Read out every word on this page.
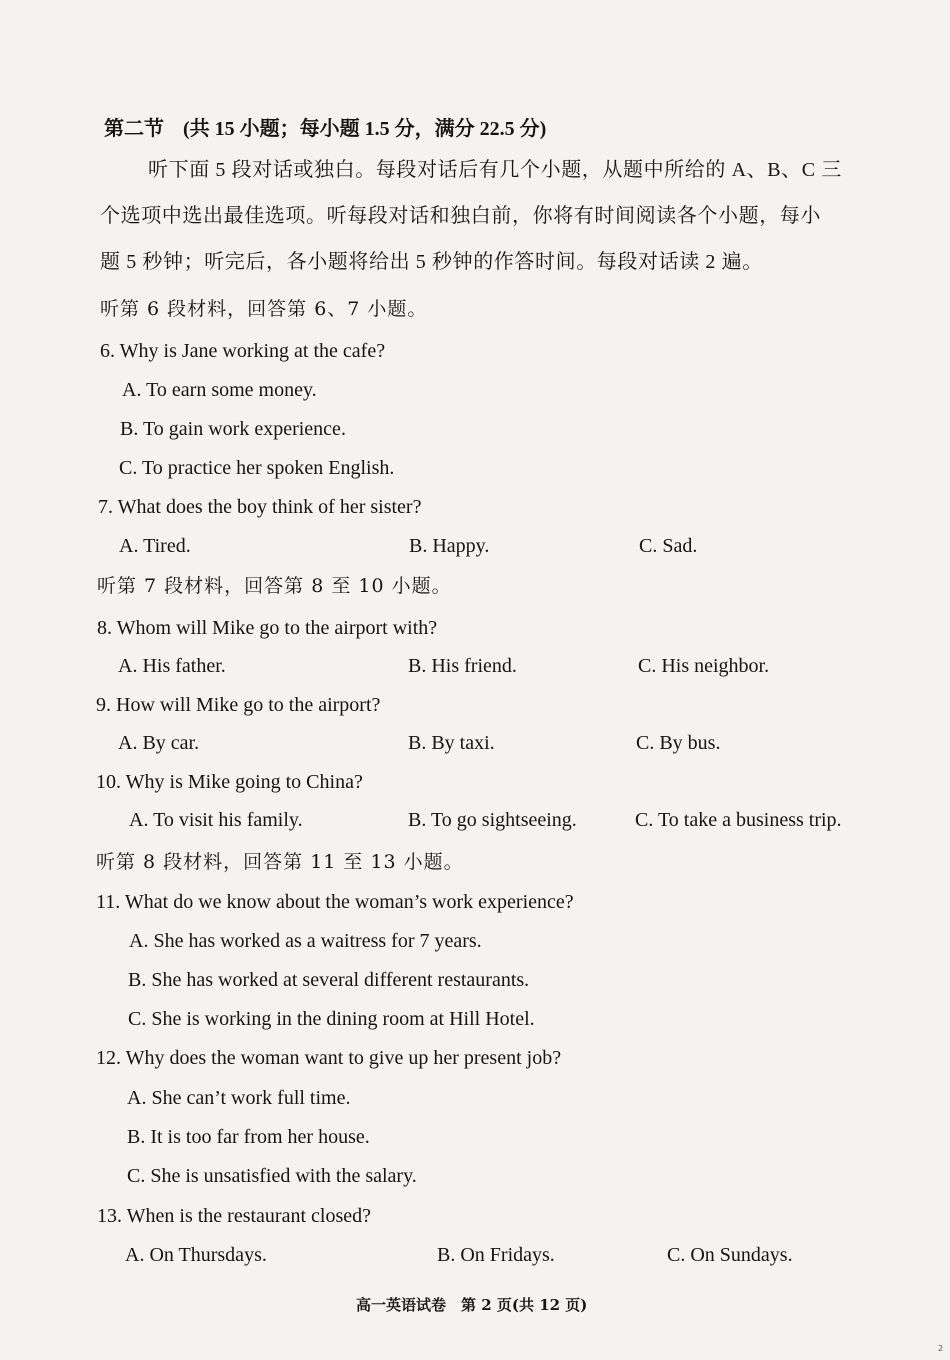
第二节 (共 15 小题；每小题 1.5 分，满分 22.5 分)
听下面 5 段对话或独白。每段对话后有几个小题，从题中所给的 A、B、C 三
个选项中选出最佳选项。听每段对话和独白前，你将有时间阅读各个小题，每小
题 5 秒钟；听完后，各小题将给出 5 秒钟的作答时间。每段对话读 2 遍。
听第 6 段材料，回答第 6、7 小题。
6. Why is Jane working at the cafe?
A. To earn some money.
B. To gain work experience.
C. To practice her spoken English.
7. What does the boy think of her sister?
A. Tired.	B. Happy.	C. Sad.
听第 7 段材料，回答第 8 至 10 小题。
8. Whom will Mike go to the airport with?
A. His father.	B. His friend.	C. His neighbor.
9. How will Mike go to the airport?
A. By car.	B. By taxi.	C. By bus.
10. Why is Mike going to China?
A. To visit his family.	B. To go sightseeing.	C. To take a business trip.
听第 8 段材料，回答第 11 至 13 小题。
11. What do we know about the woman’s work experience?
A. She has worked as a waitress for 7 years.
B. She has worked at several different restaurants.
C. She is working in the dining room at Hill Hotel.
12. Why does the woman want to give up her present job?
A. She can’t work full time.
B. It is too far from her house.
C. She is unsatisfied with the salary.
13. When is the restaurant closed?
A. On Thursdays.	B. On Fridays.	C. On Sundays.
高一英语试卷　第 2 页(共 12 页)
2
